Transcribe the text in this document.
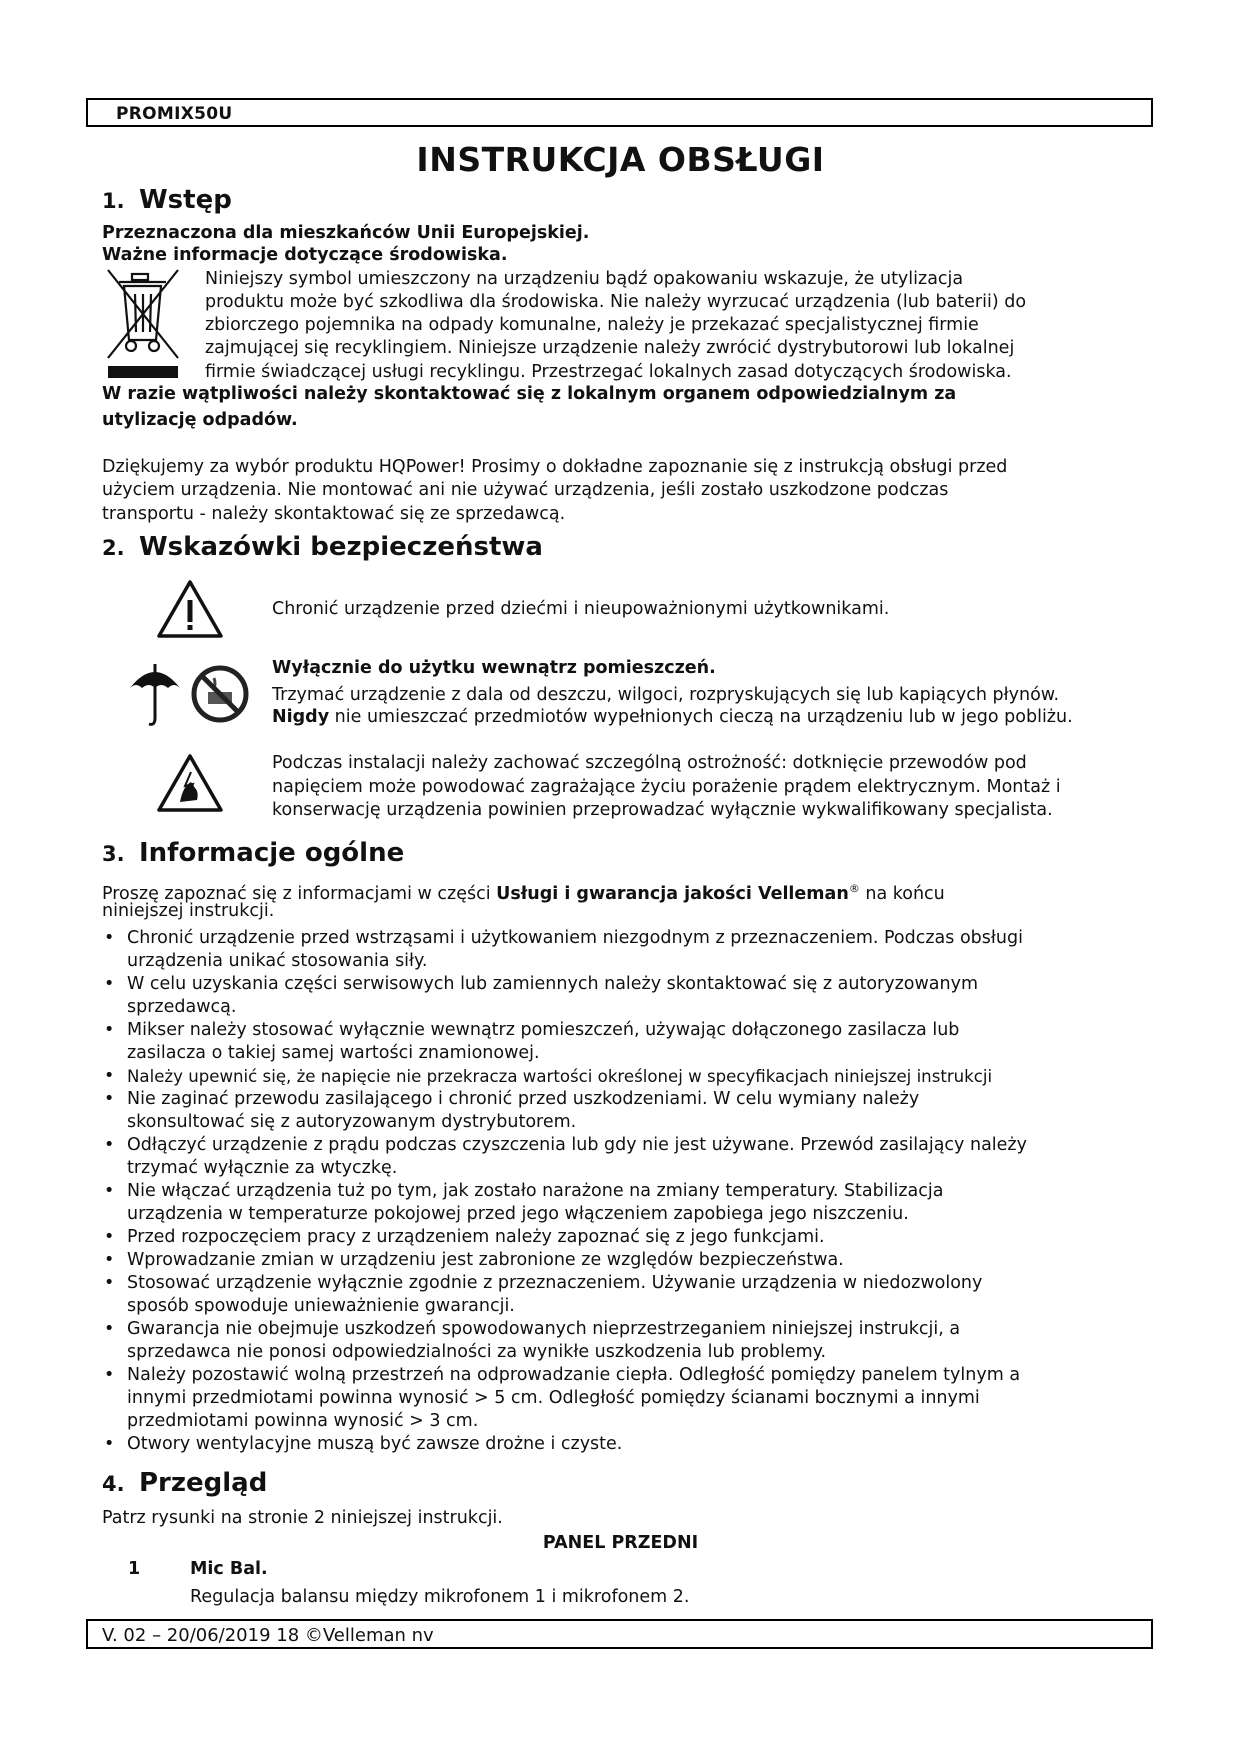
PROMIX50U
INSTRUKCJA OBSŁUGI
1. Wstęp
Przeznaczona dla mieszkańców Unii Europejskiej.
Ważne informacje dotyczące środowiska.
Niniejszy symbol umieszczony na urządzeniu bądź opakowaniu wskazuje, że utylizacja
produktu może być szkodliwa dla środowiska. Nie należy wyrzucać urządzenia (lub baterii) do
zbiorczego pojemnika na odpady komunalne, należy je przekazać specjalistycznej firmie
zajmującej się recyklingiem. Niniejsze urządzenie należy zwrócić dystrybutorowi lub lokalnej
firmie świadczącej usługi recyklingu. Przestrzegać lokalnych zasad dotyczących środowiska.
W razie wątpliwości należy skontaktować się z lokalnym organem odpowiedzialnym za
utylizację odpadów.
Dziękujemy za wybór produktu HQPower! Prosimy o dokładne zapoznanie się z instrukcją obsługi przed
użyciem urządzenia. Nie montować ani nie używać urządzenia, jeśli zostało uszkodzone podczas
transportu - należy skontaktować się ze sprzedawcą.
2. Wskazówki bezpieczeństwa
Chronić urządzenie przed dziećmi i nieupoważnionymi użytkownikami.
Wyłącznie do użytku wewnątrz pomieszczeń.
Trzymać urządzenie z dala od deszczu, wilgoci, rozpryskujących się lub kapiących płynów.
Nigdy nie umieszczać przedmiotów wypełnionych cieczą na urządzeniu lub w jego pobliżu.
Podczas instalacji należy zachować szczególną ostrożność: dotknięcie przewodów pod
napięciem może powodować zagrażające życiu porażenie prądem elektrycznym. Montaż i
konserwację urządzenia powinien przeprowadzać wyłącznie wykwalifikowany specjalista.
3. Informacje ogólne
Proszę zapoznać się z informacjami w części Usługi i gwarancja jakości Velleman® na końcu
niniejszej instrukcji.
• Chronić urządzenie przed wstrząsami i użytkowaniem niezgodnym z przeznaczeniem. Podczas obsługi
urządzenia unikać stosowania siły.
• W celu uzyskania części serwisowych lub zamiennych należy skontaktować się z autoryzowanym
sprzedawcą.
• Mikser należy stosować wyłącznie wewnątrz pomieszczeń, używając dołączonego zasilacza lub
zasilacza o takiej samej wartości znamionowej.
• Należy upewnić się, że napięcie nie przekracza wartości określonej w specyfikacjach niniejszej instrukcji
• Nie zaginać przewodu zasilającego i chronić przed uszkodzeniami. W celu wymiany należy
skonsultować się z autoryzowanym dystrybutorem.
• Odłączyć urządzenie z prądu podczas czyszczenia lub gdy nie jest używane. Przewód zasilający należy
trzymać wyłącznie za wtyczkę.
• Nie włączać urządzenia tuż po tym, jak zostało narażone na zmiany temperatury. Stabilizacja
urządzenia w temperaturze pokojowej przed jego włączeniem zapobiega jego niszczeniu.
• Przed rozpoczęciem pracy z urządzeniem należy zapoznać się z jego funkcjami.
• Wprowadzanie zmian w urządzeniu jest zabronione ze względów bezpieczeństwa.
• Stosować urządzenie wyłącznie zgodnie z przeznaczeniem. Używanie urządzenia w niedozwolony
sposób spowoduje unieważnienie gwarancji.
• Gwarancja nie obejmuje uszkodzeń spowodowanych nieprzestrzeganiem niniejszej instrukcji, a
sprzedawca nie ponosi odpowiedzialności za wynikłe uszkodzenia lub problemy.
• Należy pozostawić wolną przestrzeń na odprowadzanie ciepła. Odległość pomiędzy panelem tylnym a
innymi przedmiotami powinna wynosić > 5 cm. Odległość pomiędzy ścianami bocznymi a innymi
przedmiotami powinna wynosić > 3 cm.
• Otwory wentylacyjne muszą być zawsze drożne i czyste.
4. Przegląd
Patrz rysunki na stronie 2 niniejszej instrukcji.
PANEL PRZEDNI
1	Mic Bal.
Regulacja balansu między mikrofonem 1 i mikrofonem 2.
V. 02 – 20/06/2019 18 ©Velleman nv
